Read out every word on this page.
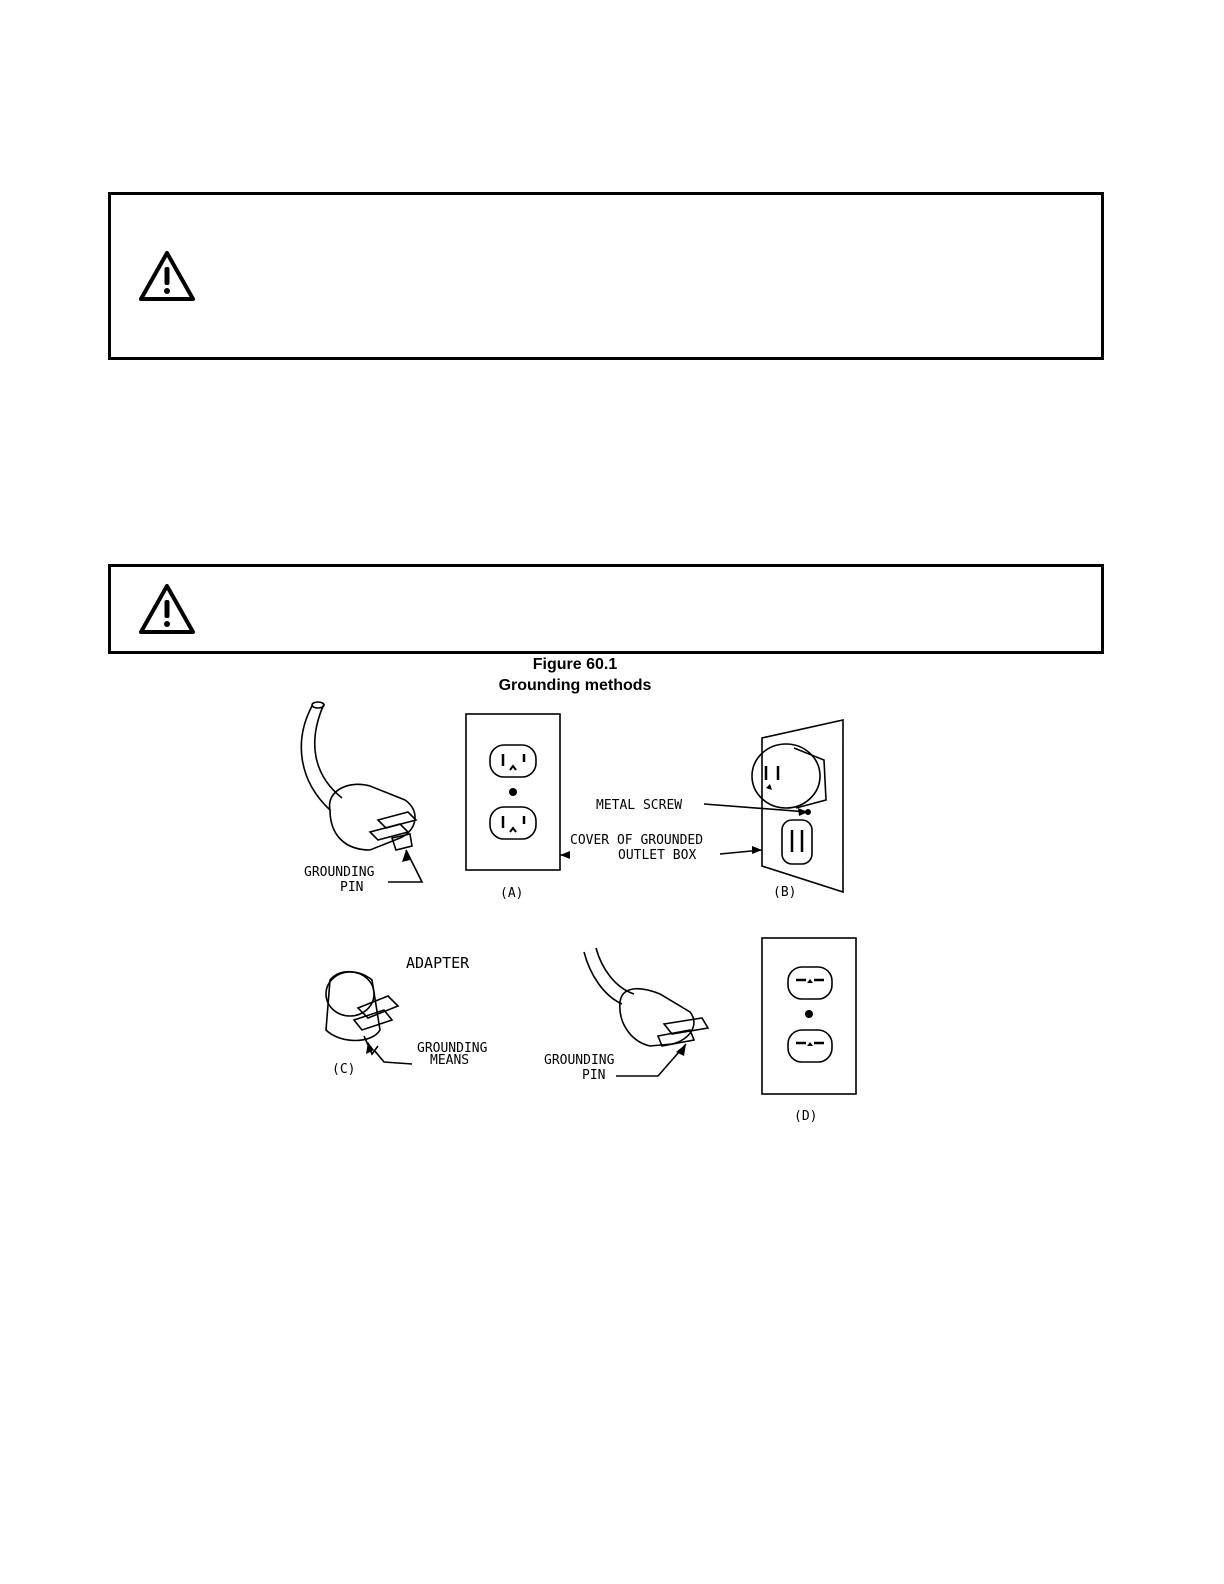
Figure 60.1
Grounding methods
GROUNDING
PIN	(A)
METAL SCREW
COVER OF GROUNDED
OUTLET BOX
(B)
ADAPTER
GROUNDING
MEANS
(C)
GROUNDING
PIN
(D)
